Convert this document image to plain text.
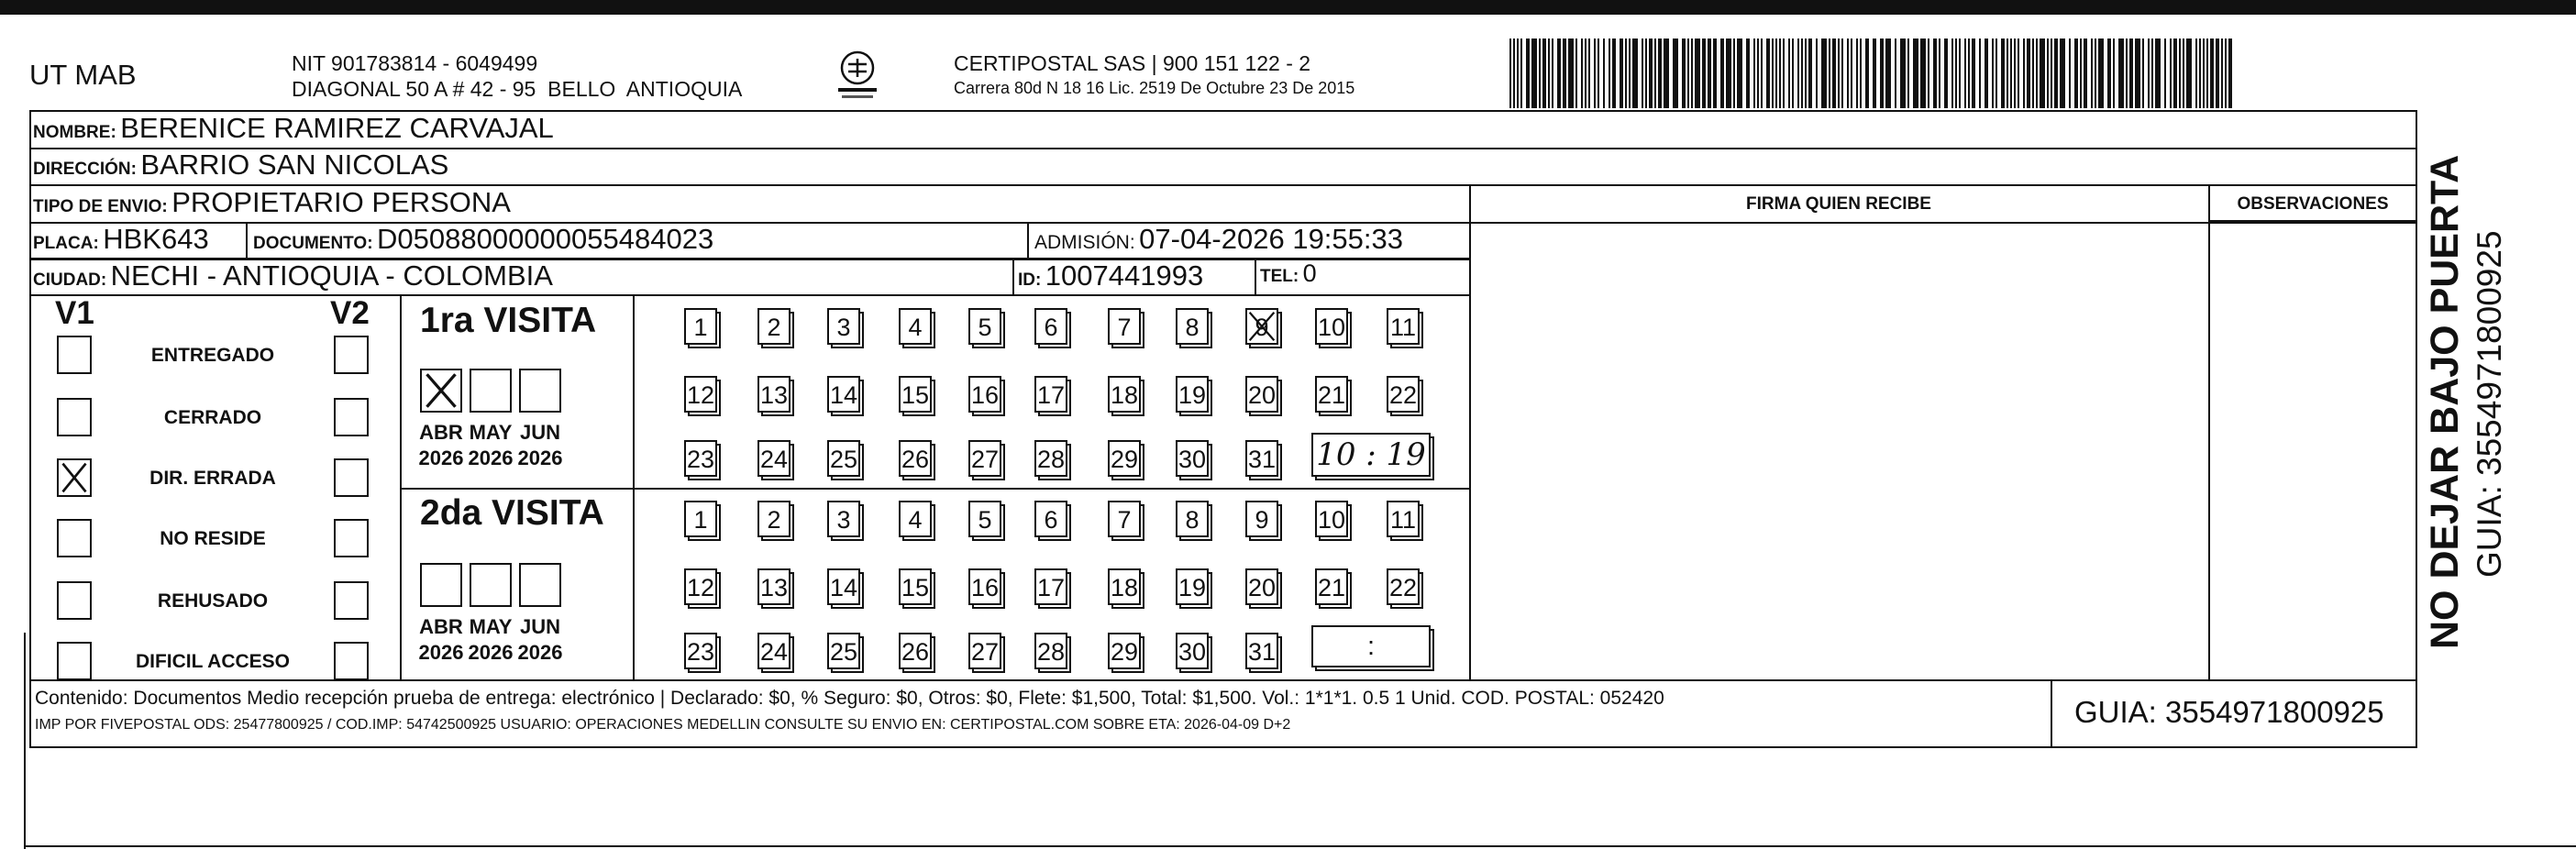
UT MAB	NIT 901783814 - 6049499
DIAGONAL 50 A # 42 - 95  BELLO  ANTIOQUIA
CERTIPOSTAL SAS | 900 151 122 - 2
Carrera 80d N 18 16 Lic. 2519 De Octubre 23 De 2015
NOMBRE: BERENICE RAMIREZ CARVAJAL
DIRECCIÓN: BARRIO SAN NICOLAS
TIPO DE ENVIO: PROPIETARIO PERSONA	FIRMA QUIEN RECIBE	OBSERVACIONES
PLACA: HBK643	DOCUMENTO: D05088000000055484023	ADMISIÓN: 07-04-2026 19:55:33
CIUDAD: NECHI - ANTIOQUIA - COLOMBIA	ID: 1007441993	TEL: 0
V1	V2
ENTREGADO
CERRADO
DIR. ERRADA
NO RESIDE
REHUSADO
DIFICIL ACCESO
1ra VISITA
ABR
2026
MAY
2026
JUN
2026
1	2	3	4	5	6	7	8	9	10 11
12 13 14 15 16 17 18 19 20 21 22
23 24 25 26 27 28 29 30 31 10 : 19
2da VISITA
ABR
2026
MAY
2026
JUN
2026
1	2	3	4	5	6	7	8	9	10 11
12 13 14 15 16 17 18 19 20 21 22
23 24 25 26 27 28 29 30 31	:
Contenido: Documentos Medio recepción prueba de entrega: electrónico | Declarado: $0, % Seguro: $0, Otros: $0, Flete: $1,500, Total: $1,500. Vol.: 1*1*1. 0.5 1 Unid. COD. POSTAL: 052420
IMP POR FIVEPOSTAL ODS: 25477800925 / COD.IMP: 54742500925 USUARIO: OPERACIONES MEDELLIN CONSULTE SU ENVIO EN: CERTIPOSTAL.COM SOBRE ETA: 2026-04-09 D+2	GUIA: 3554971800925
NO DEJAR BAJO PUERTA GUIA: 3554971800925
